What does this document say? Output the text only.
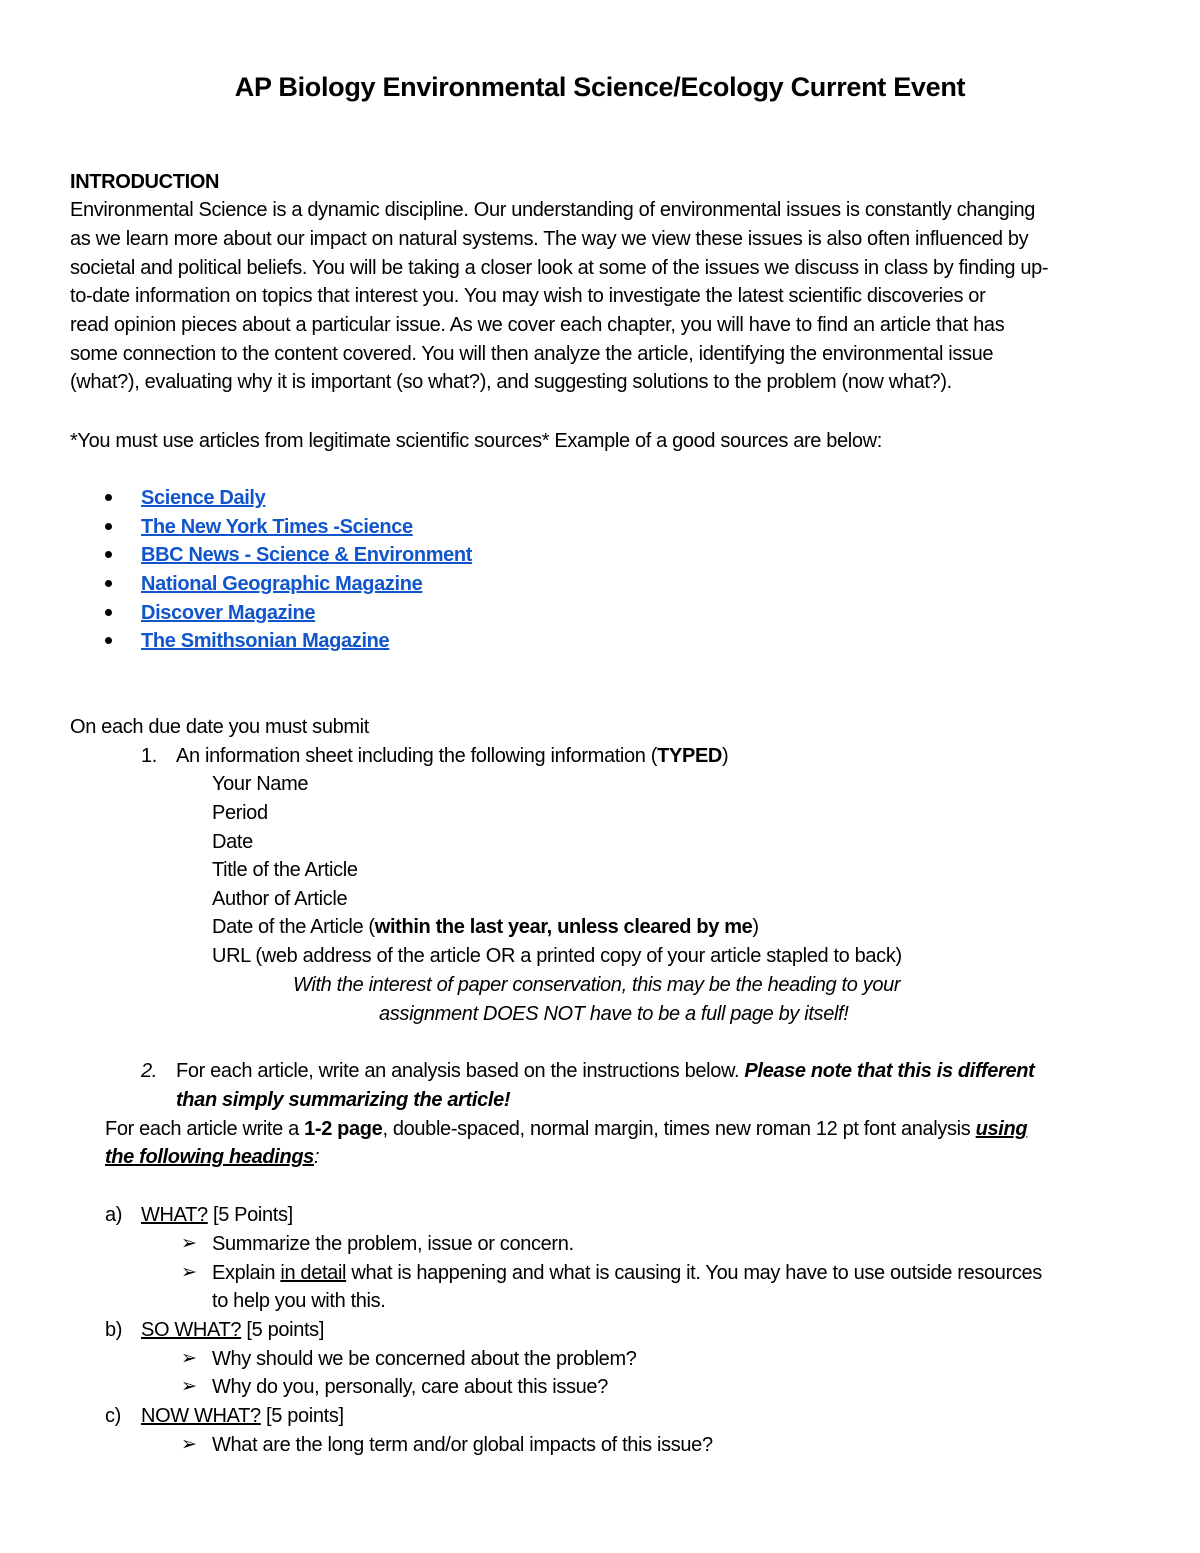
AP Biology Environmental Science/Ecology Current Event
INTRODUCTION
Environmental Science is a dynamic discipline. Our understanding of environmental issues is constantly changing
as we learn more about our impact on natural systems. The way we view these issues is also often influenced by
societal and political beliefs. You will be taking a closer look at some of the issues we discuss in class by finding up-
to-date information on topics that interest you. You may wish to investigate the latest scientific discoveries or
read opinion pieces about a particular issue. As we cover each chapter, you will have to find an article that has
some connection to the content covered. You will then analyze the article, identifying the environmental issue
(what?), evaluating why it is important (so what?), and suggesting solutions to the problem (now what?).
*You must use articles from legitimate scientific sources* Example of a good sources are below:
Science Daily
The New York Times -Science
BBC News - Science & Environment
National Geographic Magazine
Discover Magazine
The Smithsonian Magazine
On each due date you must submit
1. An information sheet including the following information (TYPED)
Your Name
Period
Date
Title of the Article
Author of Article
Date of the Article (within the last year, unless cleared by me)
URL (web address of the article OR a printed copy of your article stapled to back)
With the interest of paper conservation, this may be the heading to your
assignment DOES NOT have to be a full page by itself!
2. For each article, write an analysis based on the instructions below. Please note that this is different
than simply summarizing the article!
For each article write a 1-2 page, double-spaced, normal margin, times new roman 12 pt font analysis using
the following headings:
a) WHAT? [5 Points]
➢ Summarize the problem, issue or concern.
➢ Explain in detail what is happening and what is causing it. You may have to use outside resources
to help you with this.
b) SO WHAT? [5 points]
➢ Why should we be concerned about the problem?
➢ Why do you, personally, care about this issue?
c) NOW WHAT? [5 points]
➢ What are the long term and/or global impacts of this issue?
